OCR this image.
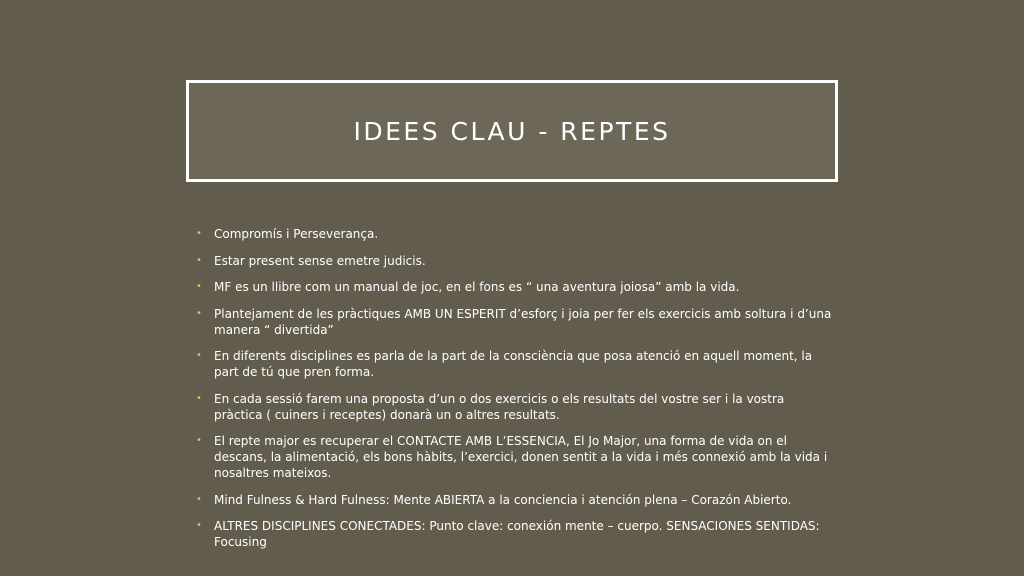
IDEES CLAU - REPTES
• Compromís i Perseverança.
• Estar present sense emetre judicis.
• MF es un llibre com un manual de joc, en el fons es “ una aventura joiosa” amb la vida.
• Plantejament de les pràctiques AMB UN ESPERIT d’esforç i joia per fer els exercicis amb soltura i d’una manera “ divertida”
• En diferents disciplines es parla de la part de la consciència que posa atenció en aquell moment, la part de tú que pren forma.
• En cada sessió farem una proposta d’un o dos exercicis o els resultats del vostre ser i la vostra pràctica ( cuiners i receptes) donarà un o altres resultats.
• El repte major es recuperar el CONTACTE AMB L’ESSENCIA, El Jo Major, una forma de vida on el descans, la alimentació, els bons hàbits, l’exercici, donen sentit a la vida i més connexió amb la vida i nosaltres mateixos.
• Mind Fulness & Hard Fulness: Mente ABIERTA a la conciencia i atención plena – Corazón Abierto.
• ALTRES DISCIPLINES CONECTADES: Punto clave: conexión mente – cuerpo. SENSACIONES SENTIDAS: Focusing
